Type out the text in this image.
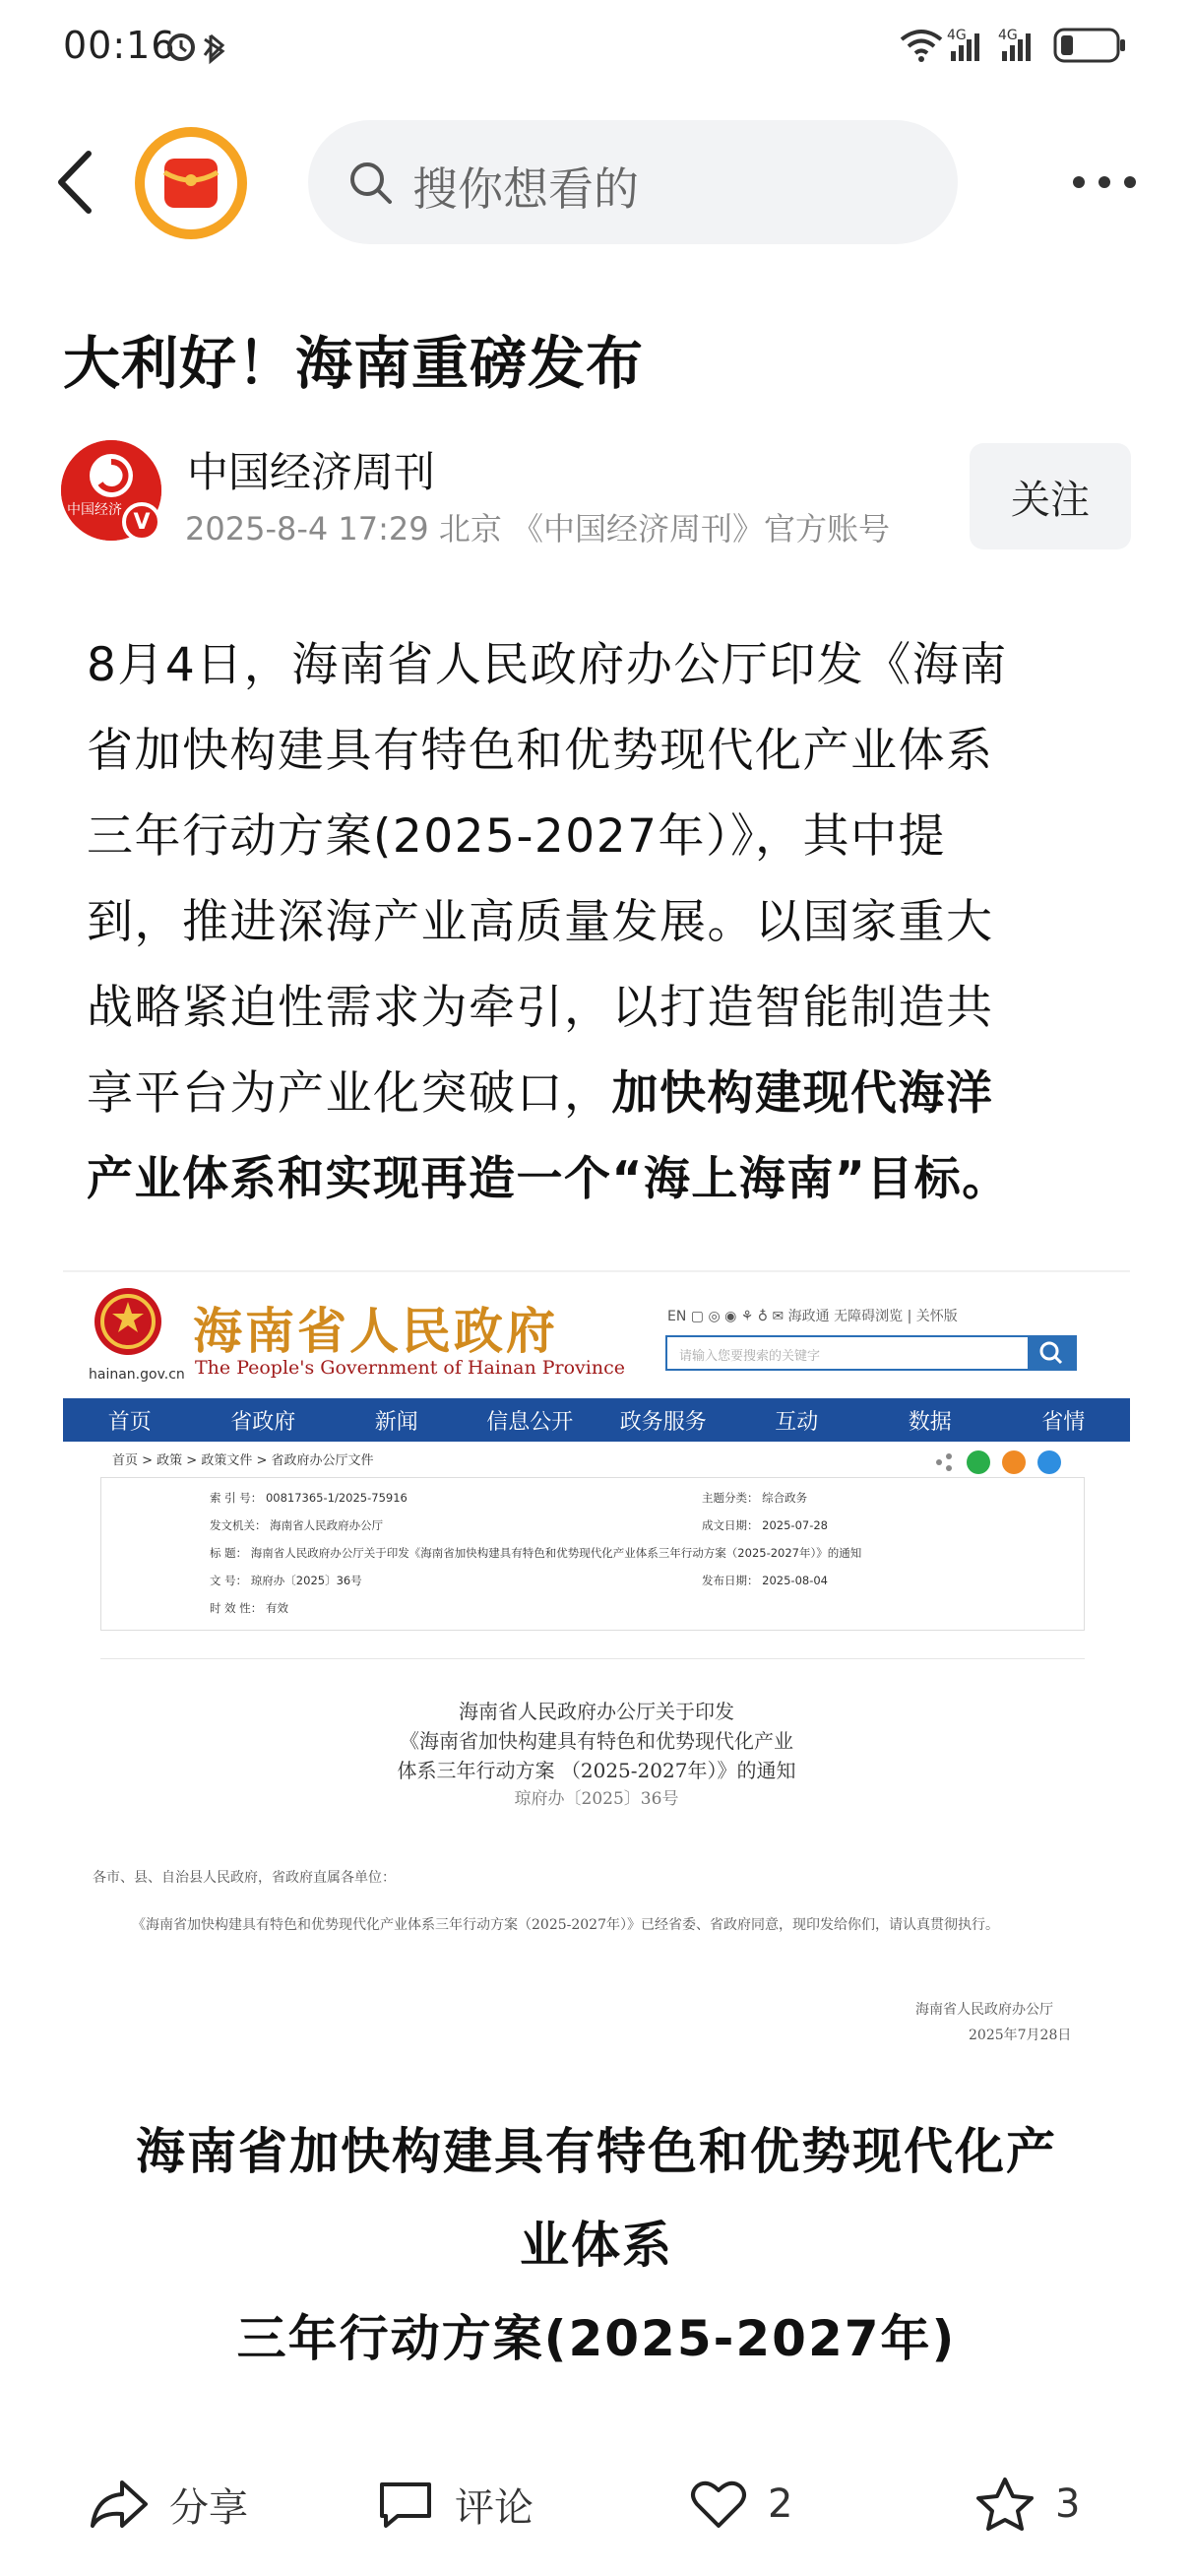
00:16	4G 4G
搜你想看的
大利好！海南重磅发布
中国经济 V
中国经济周刊
2025-8-4 17:29 北京 《中国经济周刊》官方账号
关注
8月4日，海南省人民政府办公厅印发《海南
省加快构建具有特色和优势现代化产业体系
三年行动方案(2025-2027年）》，其中提
到，推进深海产业高质量发展。以国家重大
战略紧迫性需求为牵引，以打造智能制造共
享平台为产业化突破口，加快构建现代海洋
产业体系和实现再造一个“海上海南”目标。
hainan.gov.cn
海南省人民政府
The People's Government of Hainan Province
EN ▢ ◎ ◉ ⚘ ♁ ✉ 海政通 无障碍浏览 | 关怀版
请输入您要搜索的关键字
首页	省政府	新闻	信息公开	政务服务	互动	数据	省情
首页 > 政策 > 政策文件 > 省政府办公厅文件
索 引 号： 00817365-1/2025-75916	主题分类： 综合政务
发文机关： 海南省人民政府办公厅	成文日期： 2025-07-28
标 题： 海南省人民政府办公厅关于印发《海南省加快构建具有特色和优势现代化产业体系三年行动方案（2025-2027年）》的通知
文 号： 琼府办〔2025〕36号	发布日期： 2025-08-04
时 效 性： 有效
海南省人民政府办公厅关于印发
《海南省加快构建具有特色和优势现代化产业
体系三年行动方案 （2025-2027年）》的通知
琼府办〔2025〕36号
各市、县、自治县人民政府，省政府直属各单位：
《海南省加快构建具有特色和优势现代化产业体系三年行动方案（2025-2027年）》已经省委、省政府同意，现印发给你们，请认真贯彻执行。
海南省人民政府办公厅
2025年7月28日
海南省加快构建具有特色和优势现代化产
业体系
三年行动方案(2025-2027年)
分享	评论	2	3
